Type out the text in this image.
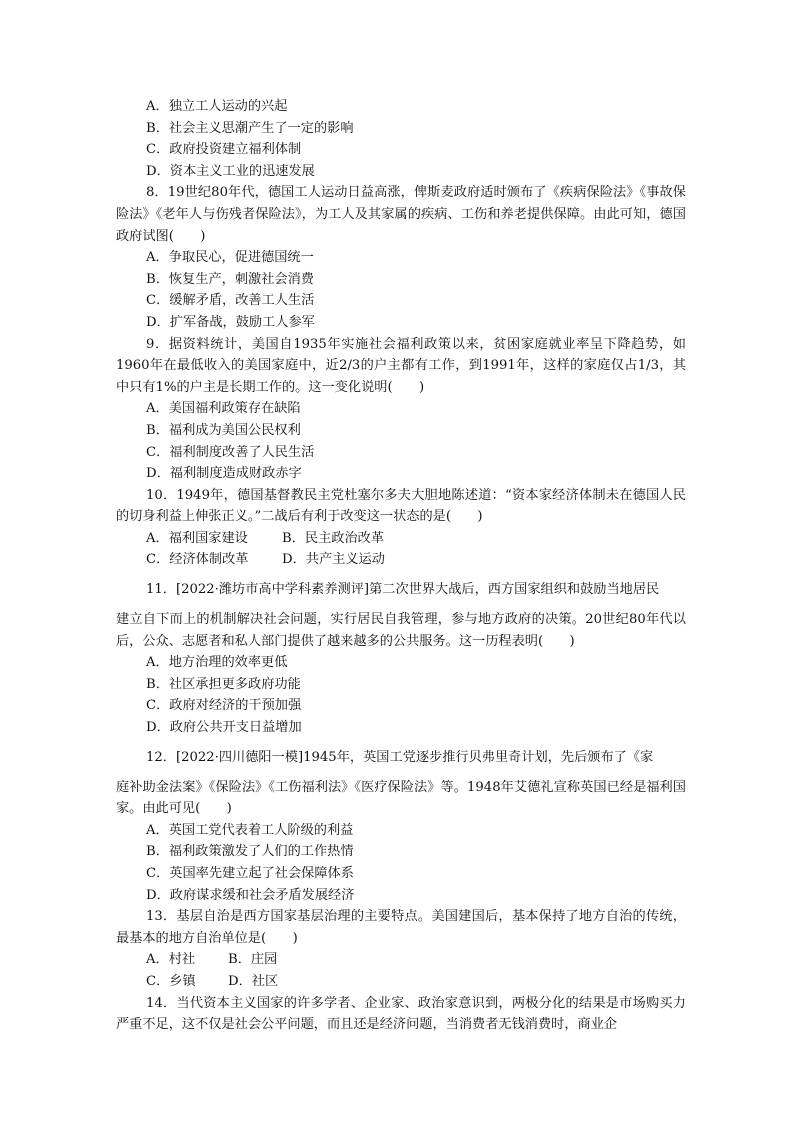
A．独立工人运动的兴起
B．社会主义思潮产生了一定的影响
C．政府投资建立福利体制
D．资本主义工业的迅速发展
8．19世纪80年代，德国工人运动日益高涨，俾斯麦政府适时颁布了《疾病保险法》《事故保险法》《老年人与伤残者保险法》，为工人及其家属的疾病、工伤和养老提供保障。由此可知，德国政府试图(　　)
A．争取民心，促进德国统一
B．恢复生产，刺激社会消费
C．缓解矛盾，改善工人生活
D．扩军备战，鼓励工人参军
9．据资料统计，美国自1935年实施社会福利政策以来，贫困家庭就业率呈下降趋势，如1960年在最低收入的美国家庭中，近2/3的户主都有工作，到1991年，这样的家庭仅占1/3，其中只有1%的户主是长期工作的。这一变化说明(　　)
A．美国福利政策存在缺陷
B．福利成为美国公民权利
C．福利制度改善了人民生活
D．福利制度造成财政赤字
10．1949年，德国基督教民主党杜塞尔多夫大胆地陈述道：“资本家经济体制未在德国人民的切身利益上伸张正义。”二战后有利于改变这一状态的是(　　)
A．福利国家建设	B．民主政治改革
C．经济体制改革	D．共产主义运动
11．[2022·潍坊市高中学科素养测评]第二次世界大战后，西方国家组织和鼓励当地居民
建立自下而上的机制解决社会问题，实行居民自我管理，参与地方政府的决策。20世纪80年代以后，公众、志愿者和私人部门提供了越来越多的公共服务。这一历程表明(　　)
A．地方治理的效率更低
B．社区承担更多政府功能
C．政府对经济的干预加强
D．政府公共开支日益增加
12．[2022·四川德阳一模]1945年，英国工党逐步推行贝弗里奇计划，先后颁布了《家
庭补助金法案》《保险法》《工伤福利法》《医疗保险法》等。1948年艾德礼宣称英国已经是福利国家。由此可见(　　)
A．英国工党代表着工人阶级的利益
B．福利政策激发了人们的工作热情
C．英国率先建立起了社会保障体系
D．政府谋求缓和社会矛盾发展经济
13．基层自治是西方国家基层治理的主要特点。美国建国后，基本保持了地方自治的传统，最基本的地方自治单位是(　　)
A．村社 B．庄园
C．乡镇 D．社区
14．当代资本主义国家的许多学者、企业家、政治家意识到，两极分化的结果是市场购买力严重不足，这不仅是社会公平问题，而且还是经济问题，当消费者无钱消费时，商业企
